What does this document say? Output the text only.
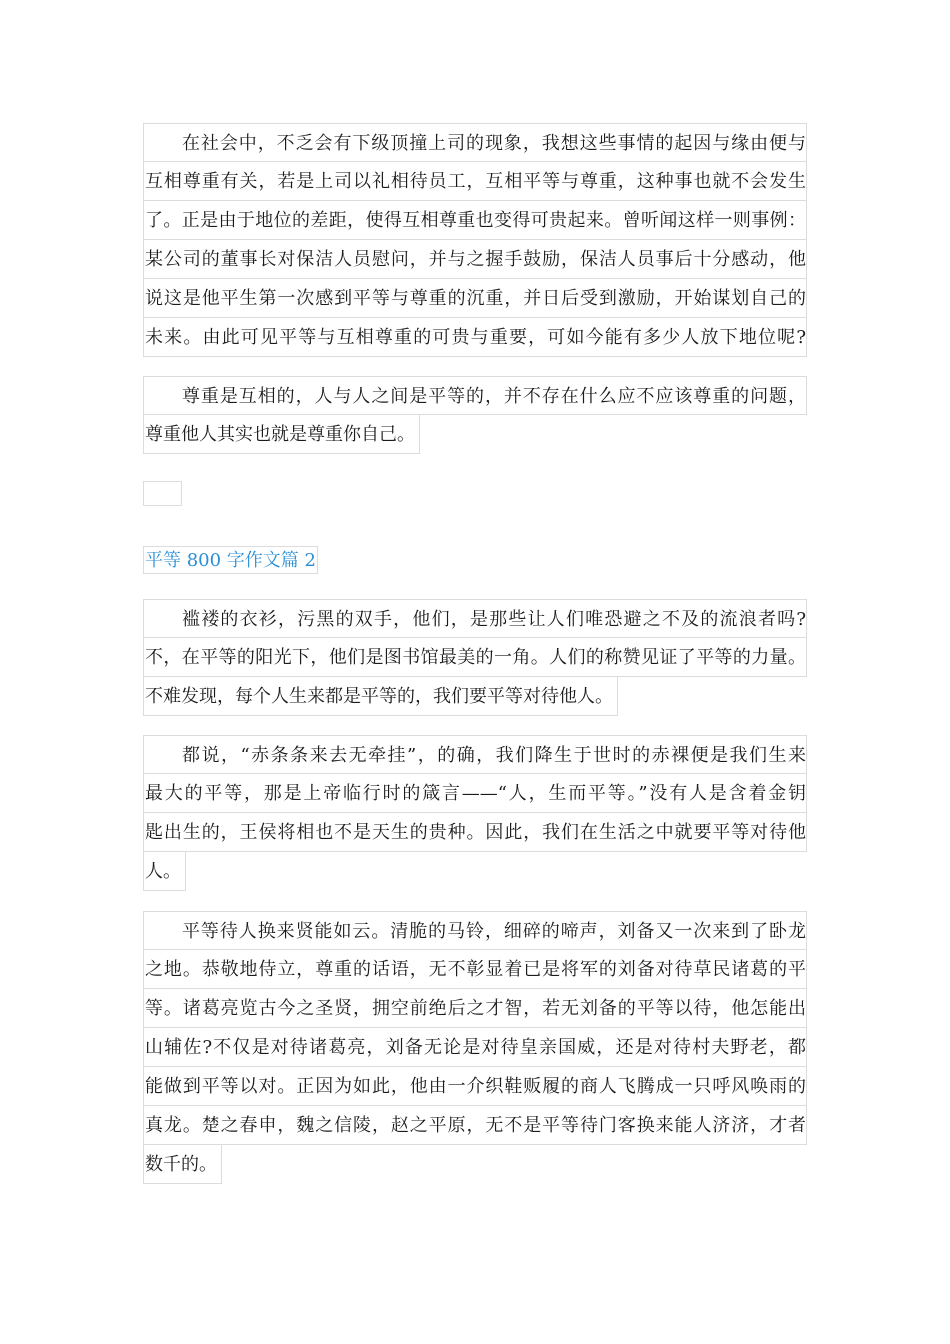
在社会中，不乏会有下级顶撞上司的现象，我想这些事情的起因与缘由便与
互相尊重有关，若是上司以礼相待员工，互相平等与尊重，这种事也就不会发生
了。正是由于地位的差距，使得互相尊重也变得可贵起来。曾听闻这样一则事例：
某公司的董事长对保洁人员慰问，并与之握手鼓励，保洁人员事后十分感动，他
说这是他平生第一次感到平等与尊重的沉重，并日后受到激励，开始谋划自己的
未来。由此可见平等与互相尊重的可贵与重要，可如今能有多少人放下地位呢?
尊重是互相的，人与人之间是平等的，并不存在什么应不应该尊重的问题，
尊重他人其实也就是尊重你自己。
平等 800 字作文篇 2
褴褛的衣衫，污黑的双手，他们，是那些让人们唯恐避之不及的流浪者吗?
不，在平等的阳光下，他们是图书馆最美的一角。人们的称赞见证了平等的力量。
不难发现，每个人生来都是平等的，我们要平等对待他人。
都说，“赤条条来去无牵挂”，的确，我们降生于世时的赤裸便是我们生来
最大的平等，那是上帝临行时的箴言——“人，生而平等。”没有人是含着金钥
匙出生的，王侯将相也不是天生的贵种。因此，我们在生活之中就要平等对待他
人。
平等待人换来贤能如云。清脆的马铃，细碎的啼声，刘备又一次来到了卧龙
之地。恭敬地侍立，尊重的话语，无不彰显着已是将军的刘备对待草民诸葛的平
等。诸葛亮览古今之圣贤，拥空前绝后之才智，若无刘备的平等以待，他怎能出
山辅佐?不仅是对待诸葛亮，刘备无论是对待皇亲国威，还是对待村夫野老，都
能做到平等以对。正因为如此，他由一介织鞋贩履的商人飞腾成一只呼风唤雨的
真龙。楚之春申，魏之信陵，赵之平原，无不是平等待门客换来能人济济，才者
数千的。
